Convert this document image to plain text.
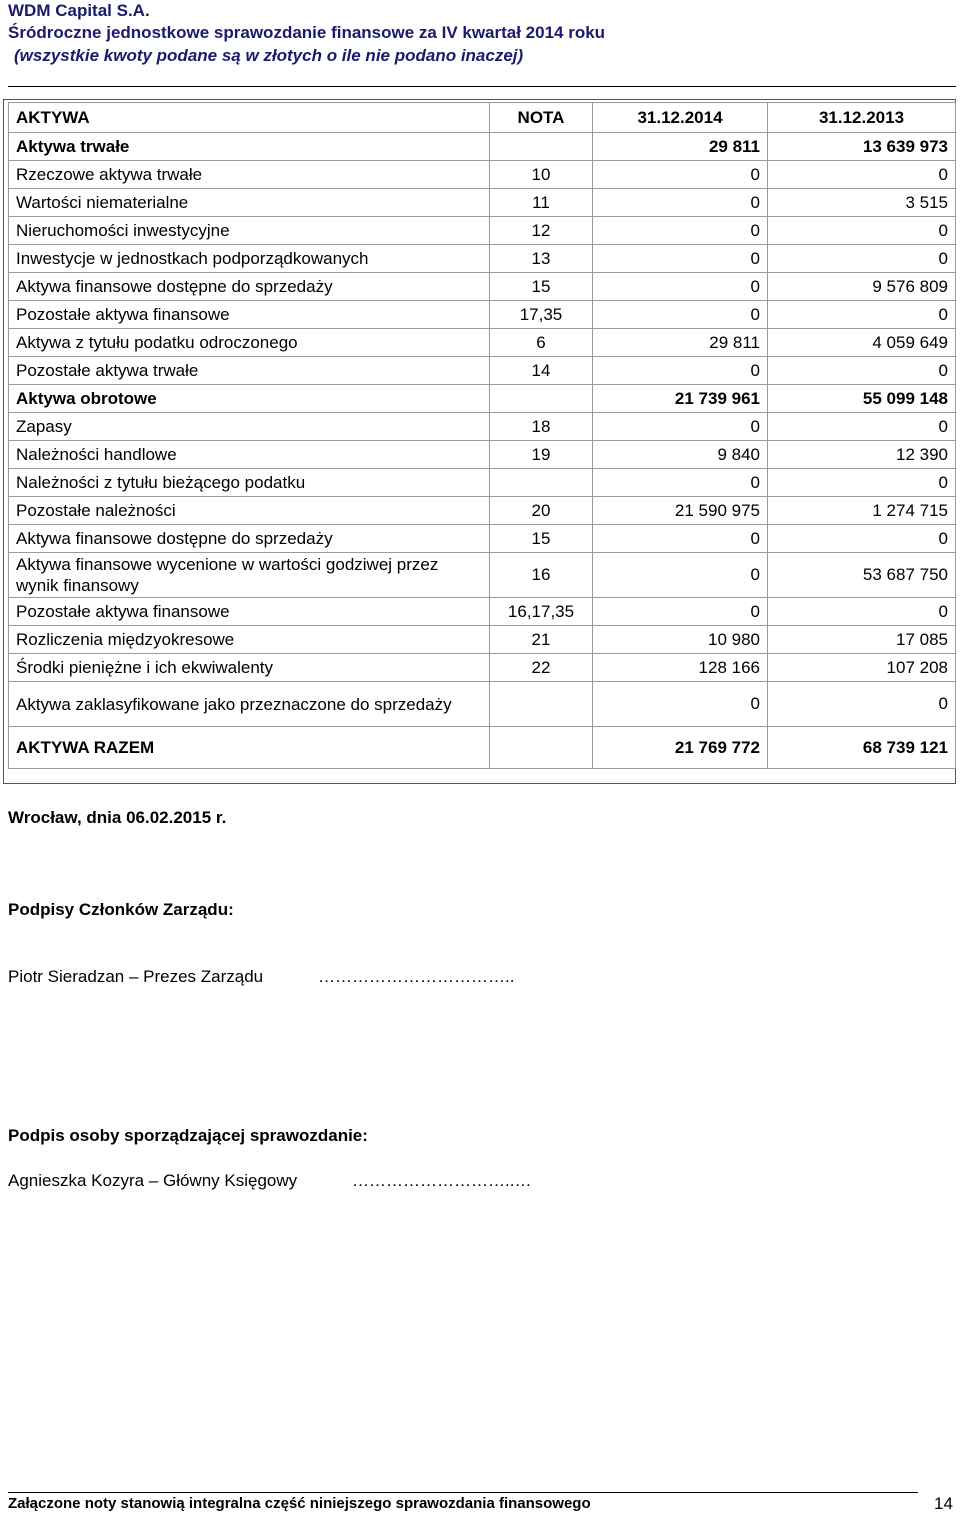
WDM Capital S.A.
Śródroczne jednostkowe sprawozdanie finansowe za IV kwartał 2014 roku
(wszystkie kwoty podane są w złotych o ile nie podano inaczej)
AKTYWA	NOTA	31.12.2014	31.12.2013
Aktywa trwałe		29 811	13 639 973
Rzeczowe aktywa trwałe	10	0	0
Wartości niematerialne	11	0	3 515
Nieruchomości inwestycyjne	12	0	0
Inwestycje w jednostkach podporządkowanych	13	0	0
Aktywa finansowe dostępne do sprzedaży	15	0	9 576 809
Pozostałe aktywa finansowe	17,35	0	0
Aktywa z tytułu podatku odroczonego	6	29 811	4 059 649
Pozostałe aktywa trwałe	14	0	0
Aktywa obrotowe		21 739 961	55 099 148
Zapasy	18	0	0
Należności handlowe	19	9 840	12 390
Należności z tytułu bieżącego podatku		0	0
Pozostałe należności	20	21 590 975	1 274 715
Aktywa finansowe dostępne do sprzedaży	15	0	0
Aktywa finansowe wycenione w wartości godziwej przez wynik finansowy	16	0	53 687 750
Pozostałe aktywa finansowe	16,17,35	0	0
Rozliczenia międzyokresowe	21	10 980	17 085
Środki pieniężne i ich ekwiwalenty	22	128 166	107 208
Aktywa zaklasyfikowane jako przeznaczone do sprzedaży		0	0
AKTYWA RAZEM		21 769 772	68 739 121
Wrocław, dnia 06.02.2015 r.
Podpisy Członków Zarządu:
Piotr Sieradzan – Prezes Zarządu	……………………………..
Podpis osoby sporządzającej sprawozdanie:
Agnieszka Kozyra – Główny Księgowy	………………………..…
Załączone noty stanowią integralna część niniejszego sprawozdania finansowego	14
